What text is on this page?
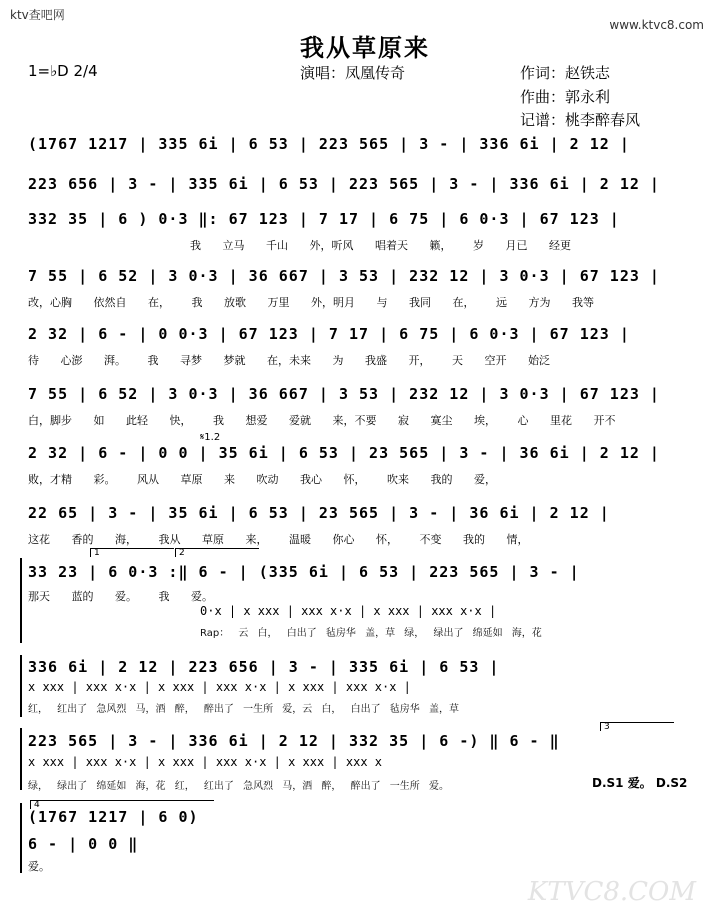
ktv查吧网
www.ktvc8.com
我从草原来
1=♭D 2/4	演唱：凤凰传奇	作词：赵铁志
作曲：郭永利
记谱：桃李醉春风
(1767 1217 | 335 6i | 6 53 | 223 565 | 3 - | 336 6i | 2 12 |
223 656 | 3 - | 335 6i | 6 53 | 223 565 | 3 - | 336 6i | 2 12 |
332 35 | 6 ) 0·3 ‖: 67 123 | 7 17 | 6 75 | 6 0·3 | 67 123 |
我 立马 千山 外，听风 唱着天 籁， 岁 月已 经更
7 55 | 6 52 | 3 0·3 | 36 667 | 3 53 | 232 12 | 3 0·3 | 67 123 |
改，心胸 依然自 在， 我 放歌 万里 外，明月 与 我同 在， 远 方为 我等
2 32 | 6 - | 0 0·3 | 67 123 | 7 17 | 6 75 | 6 0·3 | 67 123 |
待 心澎 湃。 我 寻梦 梦就 在，未来 为 我盛 开， 天 空开 始泛
7 55 | 6 52 | 3 0·3 | 36 667 | 3 53 | 232 12 | 3 0·3 | 67 123 |
白，脚步 如 此轻 快， 我 想爱 爱就 来，不要 寂 寞尘 埃， 心 里花 开不
𝄋1.2
2 32 | 6 - | 0 0 | 35 6i | 6 53 | 23 565 | 3 - | 36 6i | 2 12 |
败，才精 彩。 风从 草原 来 吹动 我心 怀， 吹来 我的 爱，
22 65 | 3 - | 35 6i | 6 53 | 23 565 | 3 - | 36 6i | 2 12 |
这花 香的 海， 我从 草原 来， 温暖 你心 怀， 不变 我的 情，
1	2
33 23 | 6 0·3 :‖ 6 - | (335 6i | 6 53 | 223 565 | 3 - |
那天 蓝的 爱。 我 爱。
0·x | x xxx | xxx x·x | x xxx | xxx x·x |
Rap： 云 白， 白出了 毡房华 盖，草 绿， 绿出了 绵延如 海，花
336 6i | 2 12 | 223 656 | 3 - | 335 6i | 6 53 |
x xxx | xxx x·x | x xxx | xxx x·x | x xxx | xxx x·x |
红， 红出了 急风烈 马，酒 醉， 醉出了 一生所 爱，云 白， 白出了 毡房华 盖，草
3
223 565 | 3 - | 336 6i | 2 12 | 332 35 | 6 -) ‖ 6 - ‖
x xxx | xxx x·x | x xxx | xxx x·x | x xxx | xxx x
绿， 绿出了 绵延如 海，花 红， 红出了 急风烈 马，酒 醉， 醉出了 一生所 爱。	D.S1 爱。 D.S2
4
(1767 1217 | 6 0)
6 - | 0 0 ‖
爱。
KTVC8.COM
